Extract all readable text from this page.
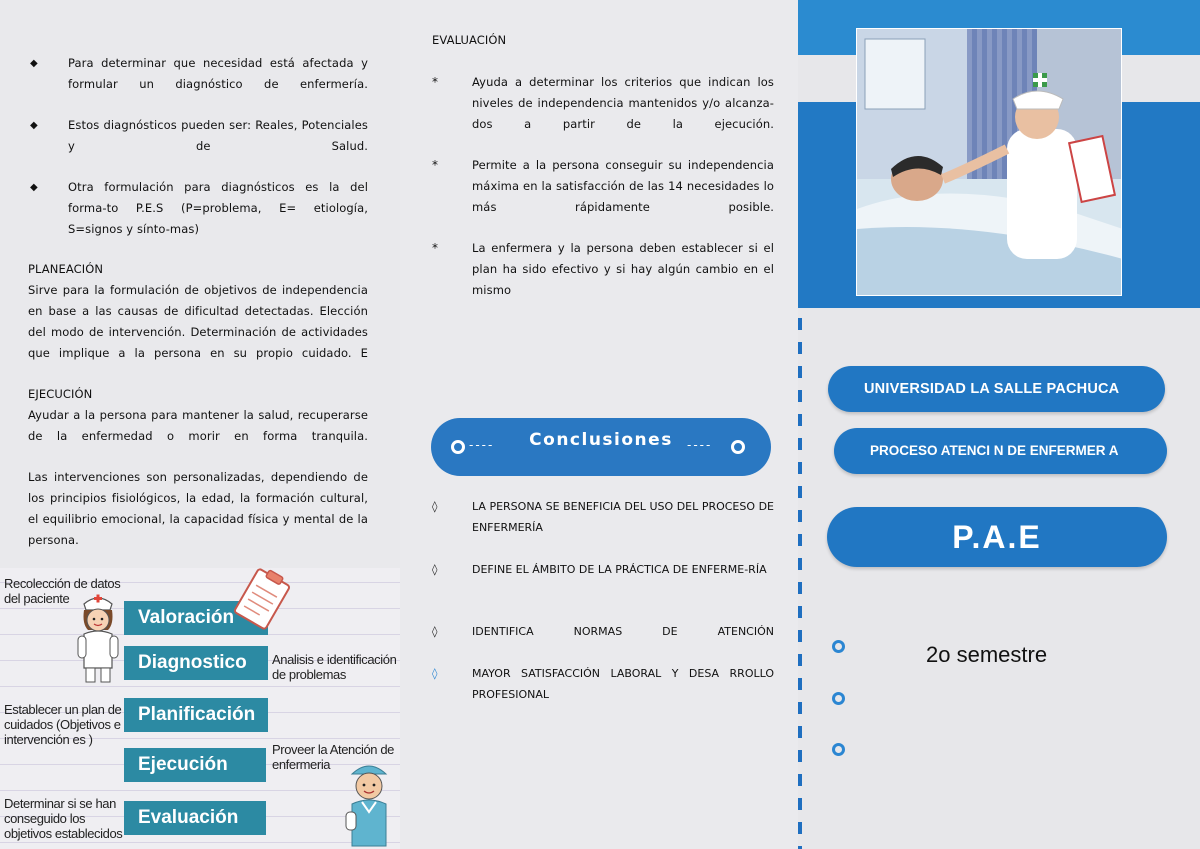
◆	Para determinar que necesidad está afectada y formular un diagnóstico de enfermería.
◆	Estos diagnósticos pueden ser: Reales, Potenciales y de Salud.
◆	Otra formulación para diagnósticos es la del forma-to P.E.S (P=problema, E= etiología, S=signos y sínto-mas)
PLANEACIÓN
Sirve para la formulación de objetivos de independencia en base a las causas de dificultad detectadas. Elección del modo de intervención. Determinación de actividades que implique a la persona en su propio cuidado. E
EJECUCIÓN
Ayudar a la persona para mantener la salud, recuperarse de la enfermedad o morir en forma tranquila.
Las intervenciones son personalizadas, dependiendo de los principios fisiológicos, la edad, la formación cultural, el equilibrio emocional, la capacidad física y mental de la persona.
Recolección de datos del paciente
Analisis e identificación de problemas
Establecer un plan de cuidados (Objetivos e intervención es )
Proveer la Atención de enfermeria
Determinar si se han conseguido los objetivos establecidos
Valoración
Diagnostico
Planificación
Ejecución
Evaluación
EVALUACIÓN
*	Ayuda a determinar los criterios que indican los niveles de independencia mantenidos y/o alcanza-dos a partir de la ejecución.
*	Permite a la persona conseguir su independencia máxima en la satisfacción de las 14 necesidades lo más rápidamente posible.
*	La enfermera y la persona deben establecer si el plan ha sido efectivo y si hay algún cambio en el mismo
----	Conclusiones	----
◊	LA PERSONA SE BENEFICIA DEL USO DEL PROCESO DE ENFERMERÍA
◊	DEFINE EL ÁMBITO DE LA PRÁCTICA DE ENFERME-RÍA
◊	IDENTIFICA NORMAS DE ATENCIÓN
◊	MAYOR SATISFACCIÓN LABORAL Y DESA RROLLO PROFESIONAL
UNIVERSIDAD LA SALLE PACHUCA
PROCESO ATENCI N DE ENFERMER A
P.A.E
2o semestre
